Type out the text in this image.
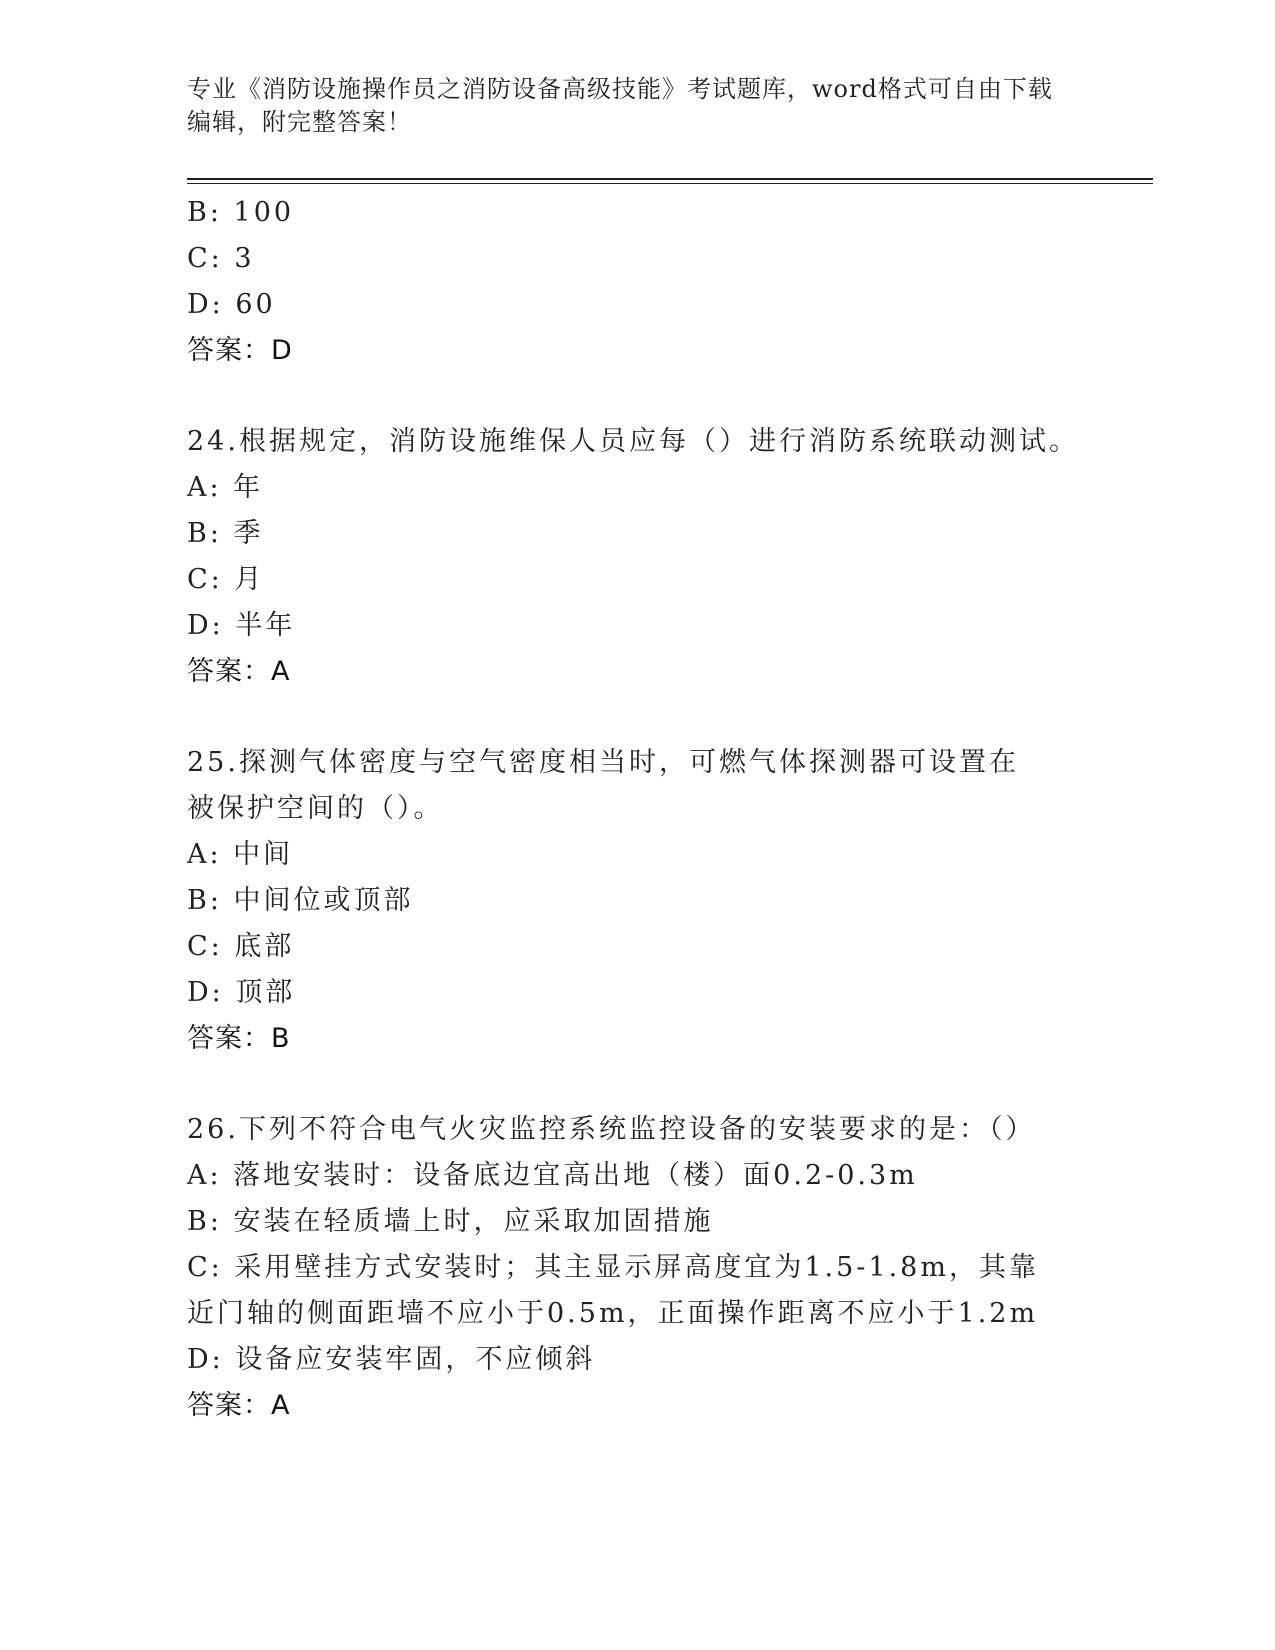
专业《消防设施操作员之消防设备高级技能》考试题库，word格式可自由下载编辑，附完整答案！
B: 100
C: 3
D: 60
答案：D
24.根据规定，消防设施维保人员应每（）进行消防系统联动测试。
A: 年
B: 季
C: 月
D: 半年
答案：A
25.探测气体密度与空气密度相当时，可燃气体探测器可设置在被保护空间的（）。
A: 中间
B: 中间位或顶部
C: 底部
D: 顶部
答案：B
26.下列不符合电气火灾监控系统监控设备的安装要求的是：（）
A: 落地安装时：设备底边宜高出地（楼）面0.2-0.3m
B: 安装在轻质墙上时，应采取加固措施
C: 采用壁挂方式安装时；其主显示屏高度宜为1.5-1.8m，其靠近门轴的侧面距墙不应小于0.5m，正面操作距离不应小于1.2m
D: 设备应安装牢固，不应倾斜
答案：A
